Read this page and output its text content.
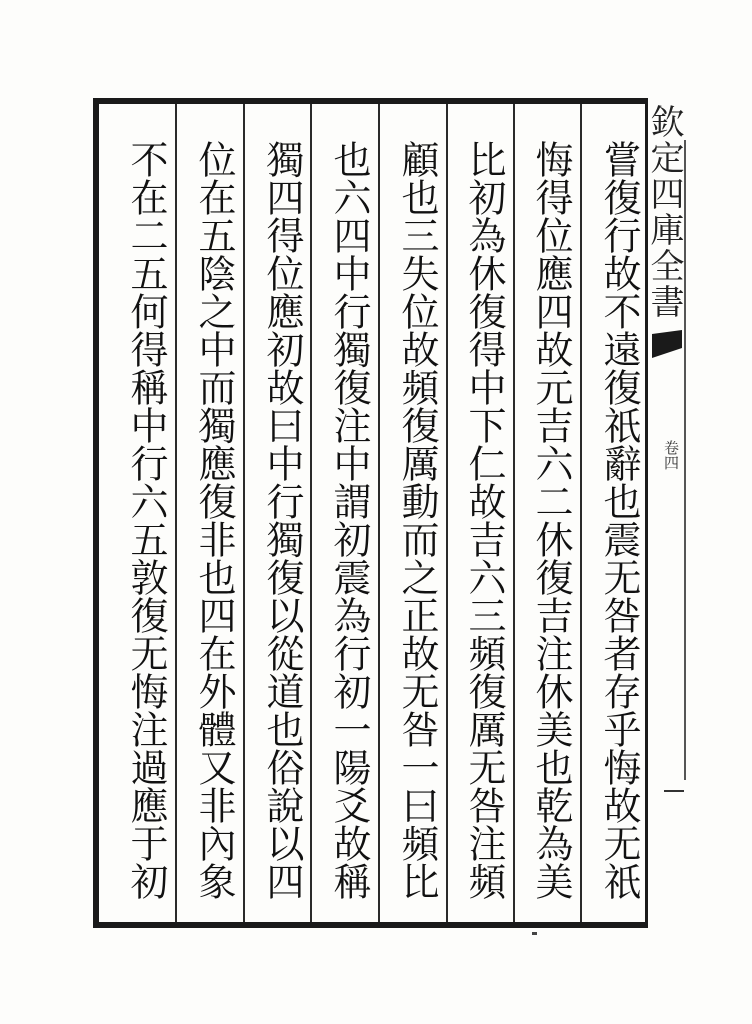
欽定四庫全書
卷四
嘗復行故不遠復祇辭也震无咎者存乎悔故无祇
悔得位應四故元吉六二休復吉注休美也乾為美
比初為休復得中下仁故吉六三頻復厲无咎注頻
顧也三失位故頻復厲動而之正故无咎一曰頻比
也六四中行獨復注中謂初震為行初一陽爻故稱
獨四得位應初故曰中行獨復以從道也俗說以四
位在五陰之中而獨應復非也四在外體又非內象
不在二五何得稱中行六五敦復无悔注過應于初
